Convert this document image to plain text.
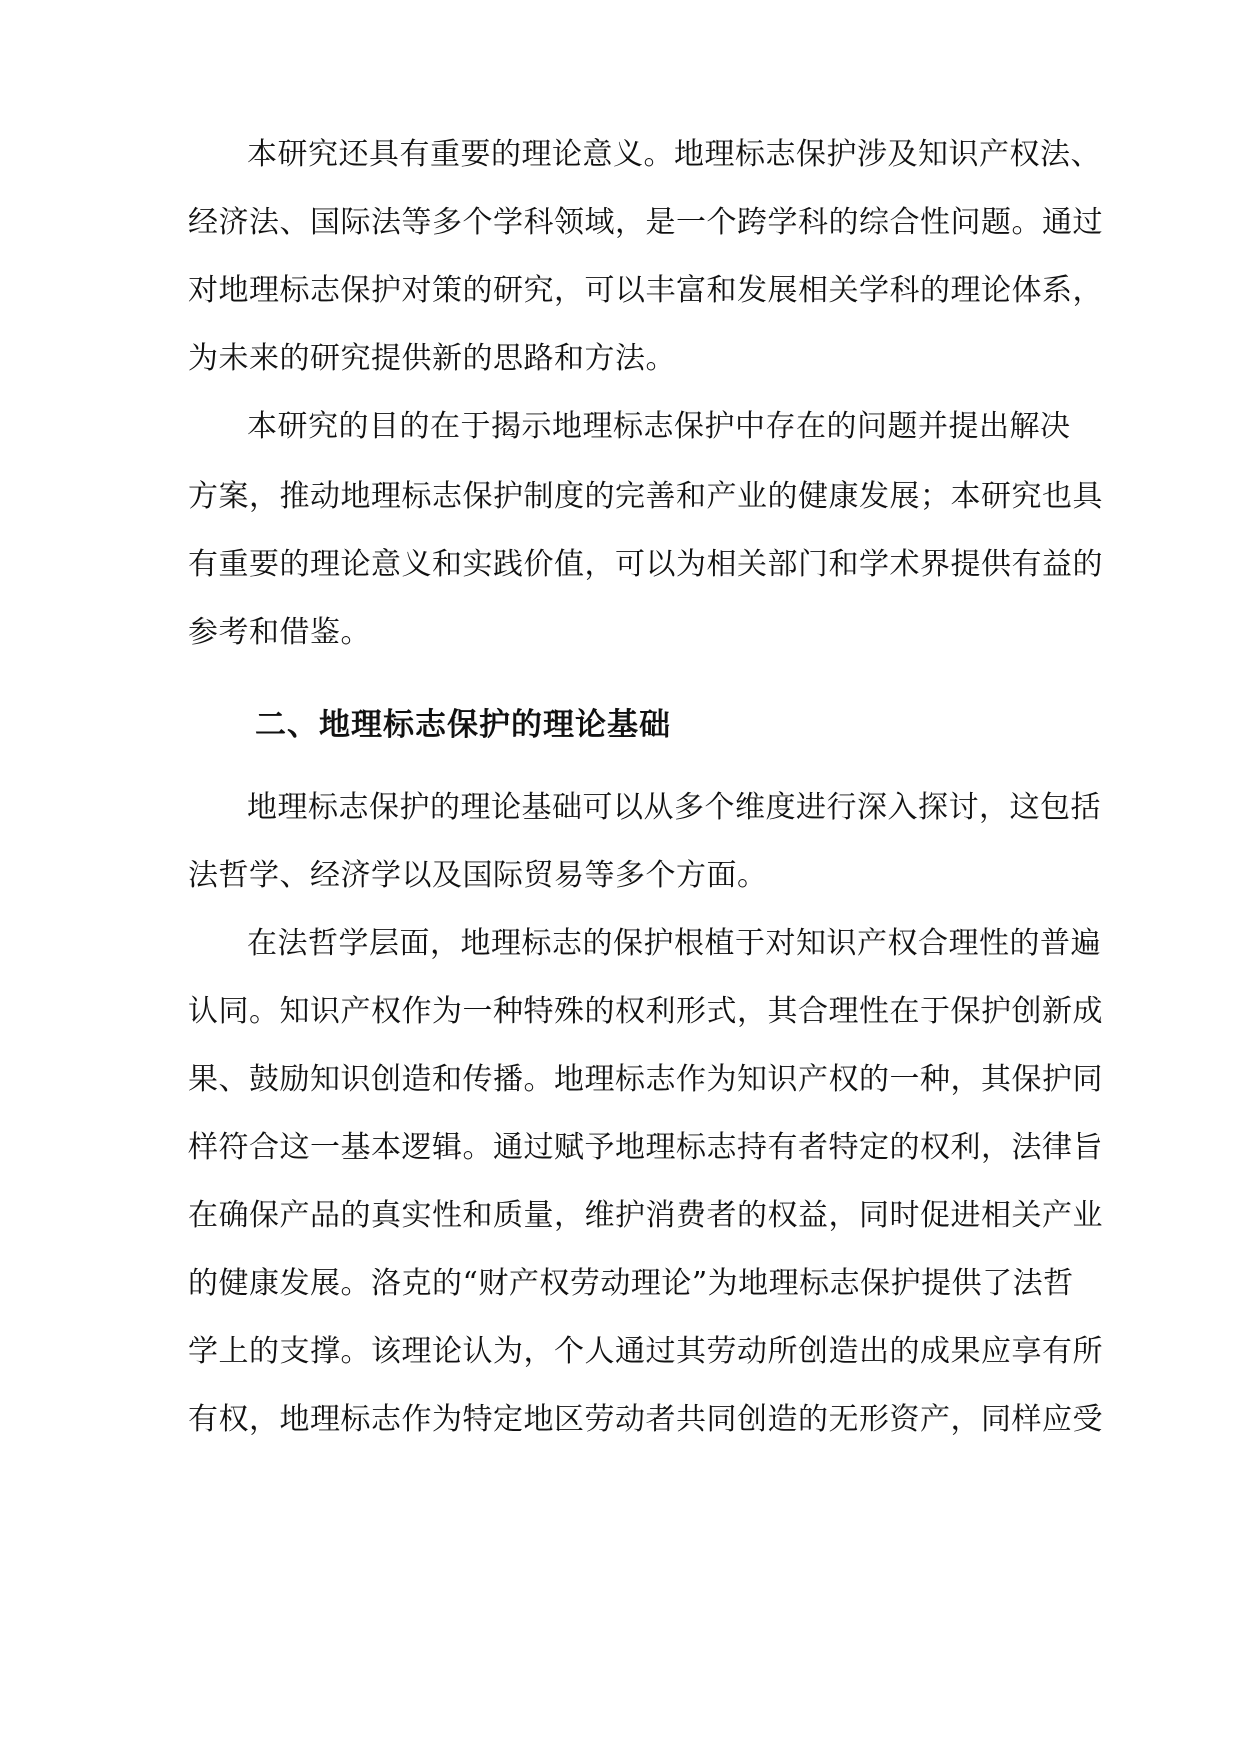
本研究还具有重要的理论意义。地理标志保护涉及知识产权法、
经济法、国际法等多个学科领域，是一个跨学科的综合性问题。通过
对地理标志保护对策的研究，可以丰富和发展相关学科的理论体系，
为未来的研究提供新的思路和方法。
本研究的目的在于揭示地理标志保护中存在的问题并提出解决
方案，推动地理标志保护制度的完善和产业的健康发展；本研究也具
有重要的理论意义和实践价值，可以为相关部门和学术界提供有益的
参考和借鉴。
二、地理标志保护的理论基础
地理标志保护的理论基础可以从多个维度进行深入探讨，这包括
法哲学、经济学以及国际贸易等多个方面。
在法哲学层面，地理标志的保护根植于对知识产权合理性的普遍
认同。知识产权作为一种特殊的权利形式，其合理性在于保护创新成
果、鼓励知识创造和传播。地理标志作为知识产权的一种，其保护同
样符合这一基本逻辑。通过赋予地理标志持有者特定的权利，法律旨
在确保产品的真实性和质量，维护消费者的权益，同时促进相关产业
的健康发展。洛克的“财产权劳动理论”为地理标志保护提供了法哲
学上的支撑。该理论认为，个人通过其劳动所创造出的成果应享有所
有权，地理标志作为特定地区劳动者共同创造的无形资产，同样应受
